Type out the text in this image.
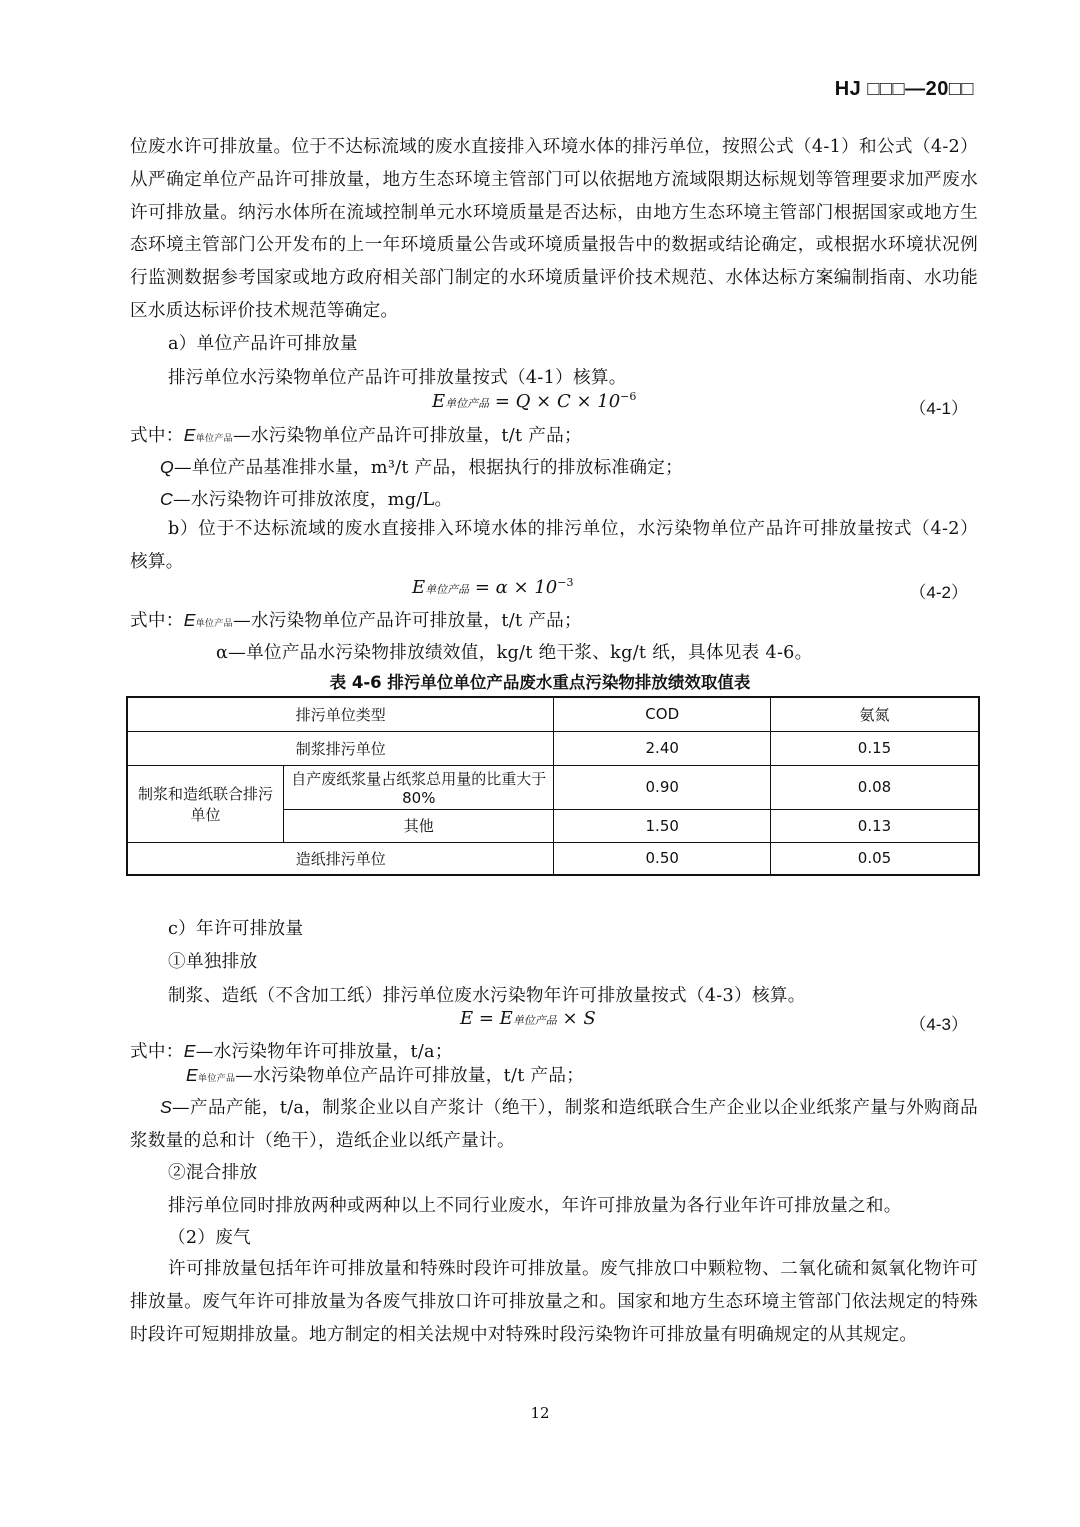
HJ □□□—20□□
位废水许可排放量。位于不达标流域的废水直接排入环境水体的排污单位，按照公式（4-1）和公式（4-2）从严确定单位产品许可排放量，地方生态环境主管部门可以依据地方流域限期达标规划等管理要求加严废水许可排放量。纳污水体所在流域控制单元水环境质量是否达标，由地方生态环境主管部门根据国家或地方生态环境主管部门公开发布的上一年环境质量公告或环境质量报告中的数据或结论确定，或根据水环境状况例行监测数据参考国家或地方政府相关部门制定的水环境质量评价技术规范、水体达标方案编制指南、水功能区水质达标评价技术规范等确定。
a）单位产品许可排放量
排污单位水污染物单位产品许可排放量按式（4-1）核算。
E单位产品 = $Q \times C \times 10^{-6}$
（4-1）
式中：E单位产品—水污染物单位产品许可排放量，t/t 产品；
Q—单位产品基准排水量，m³/t 产品，根据执行的排放标准确定；
C—水污染物许可排放浓度，mg/L。
b）位于不达标流域的废水直接排入环境水体的排污单位，水污染物单位产品许可排放量按式（4-2）核算。
E单位产品 = $\alpha \times 10^{-3}$
（4-2）
式中：E单位产品—水污染物单位产品许可排放量，t/t 产品；
α—单位产品水污染物排放绩效值，kg/t 绝干浆、kg/t 纸，具体见表 4-6。
表 4-6 排污单位单位产品废水重点污染物排放绩效取值表
排污单位类型		COD	氨氮
制浆排污单位		2.40	0.15
制浆和造纸联合排污单位	自产废纸浆量占纸浆总用量的比重大于 80%	0.90	0.08
	其他	1.50	0.13
造纸排污单位		0.50	0.05
c）年许可排放量
①单独排放
制浆、造纸（不含加工纸）排污单位废水污染物年许可排放量按式（4-3）核算。
E = E单位产品 × S	（4-3）
式中：E—水污染物年许可排放量，t/a；
E单位产品—水污染物单位产品许可排放量，t/t 产品；
S—产品产能，t/a，制浆企业以自产浆计（绝干），制浆和造纸联合生产企业以企业纸浆产量与外购商品浆数量的总和计（绝干），造纸企业以纸产量计。
②混合排放
排污单位同时排放两种或两种以上不同行业废水，年许可排放量为各行业年许可排放量之和。
（2）废气
许可排放量包括年许可排放量和特殊时段许可排放量。废气排放口中颗粒物、二氧化硫和氮氧化物许可排放量。废气年许可排放量为各废气排放口许可排放量之和。国家和地方生态环境主管部门依法规定的特殊时段许可短期排放量。地方制定的相关法规中对特殊时段污染物许可排放量有明确规定的从其规定。
12
